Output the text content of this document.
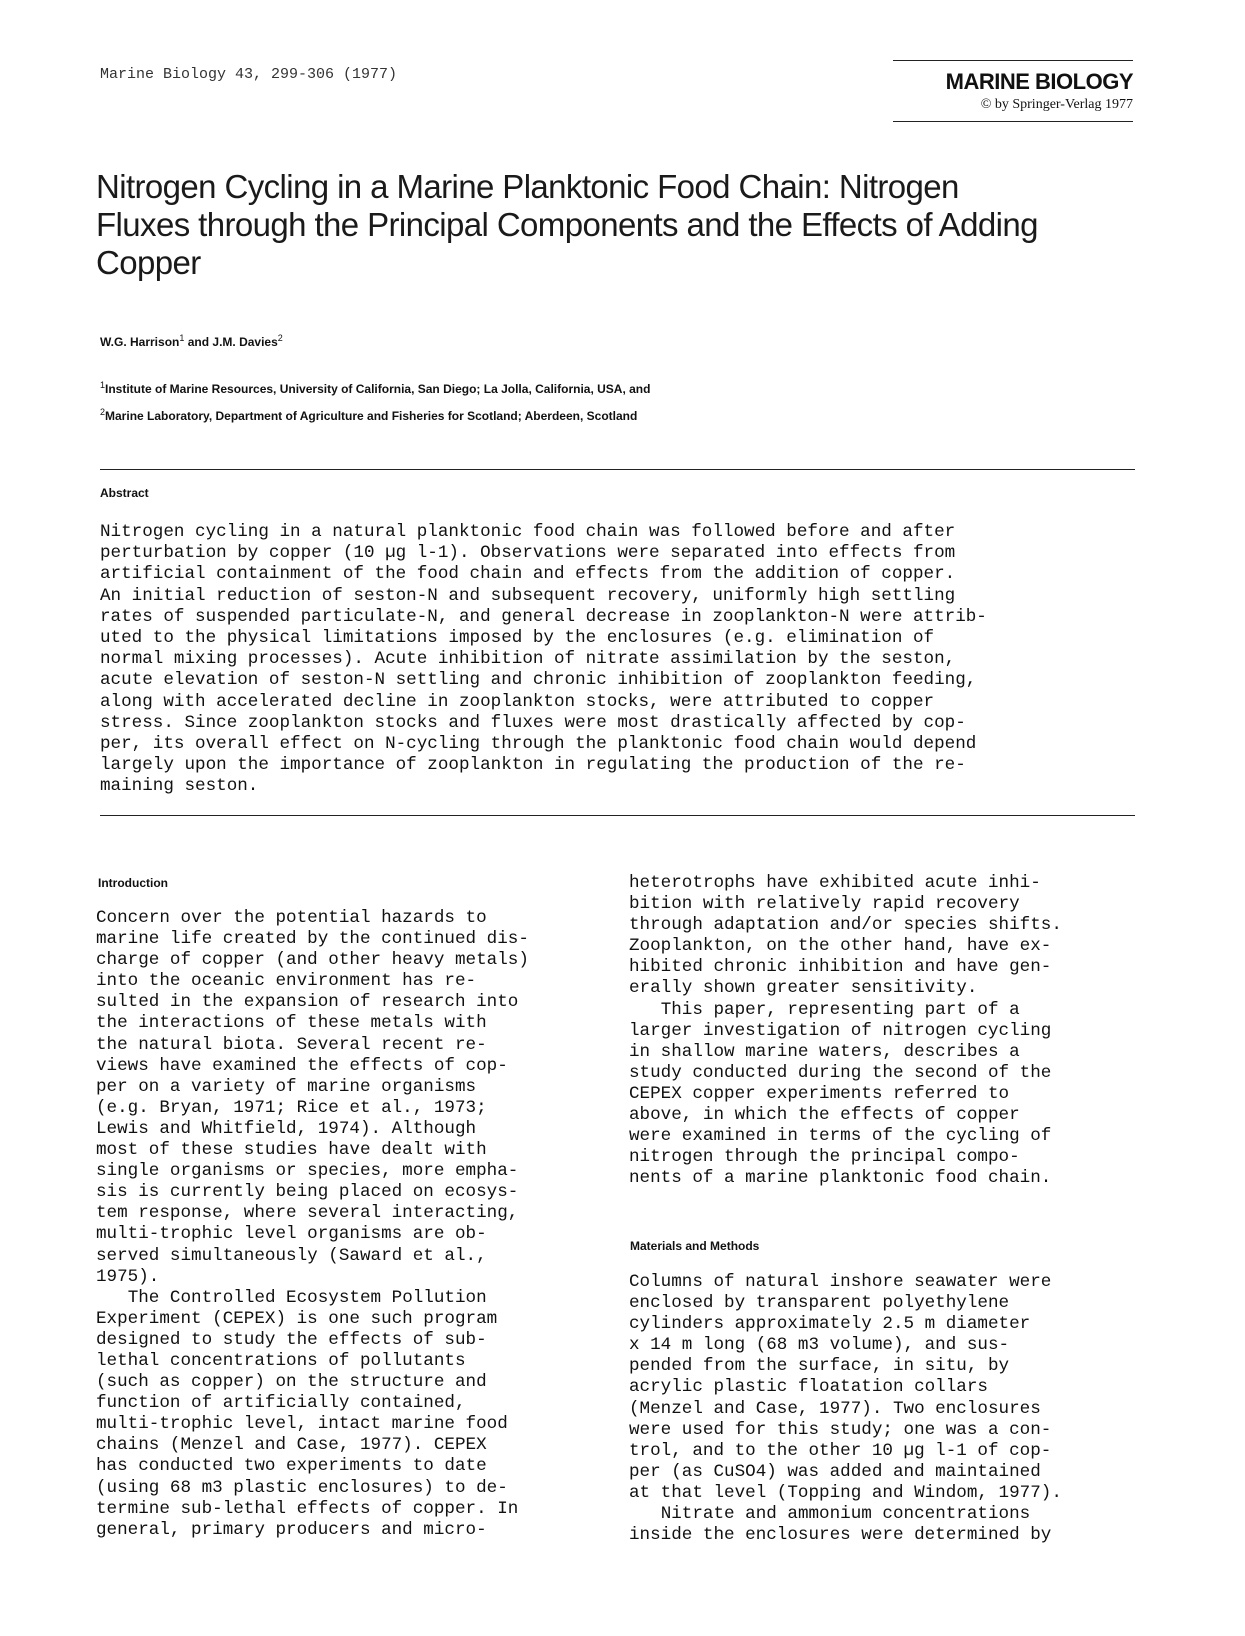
Marine Biology 43, 299-306 (1977)	MARINE BIOLOGY
© by Springer-Verlag 1977
Nitrogen Cycling in a Marine Planktonic Food Chain: Nitrogen Fluxes through the Principal Components and the Effects of Adding Copper
W.G. Harrison$^1$ and J.M. Davies$^2$
$^1$Institute of Marine Resources, University of California, San Diego; La Jolla, California, USA, and
$^2$Marine Laboratory, Department of Agriculture and Fisheries for Scotland; Aberdeen, Scotland
Abstract
Nitrogen cycling in a natural planktonic food chain was followed before and after
perturbation by copper (10 µg l-1). Observations were separated into effects from
artificial containment of the food chain and effects from the addition of copper.
An initial reduction of seston-N and subsequent recovery, uniformly high settling
rates of suspended particulate-N, and general decrease in zooplankton-N were attrib-
uted to the physical limitations imposed by the enclosures (e.g. elimination of
normal mixing processes). Acute inhibition of nitrate assimilation by the seston,
acute elevation of seston-N settling and chronic inhibition of zooplankton feeding,
along with accelerated decline in zooplankton stocks, were attributed to copper
stress. Since zooplankton stocks and fluxes were most drastically affected by cop-
per, its overall effect on N-cycling through the planktonic food chain would depend
largely upon the importance of zooplankton in regulating the production of the re-
maining seston.
Introduction
Concern over the potential hazards to
marine life created by the continued dis-
charge of copper (and other heavy metals)
into the oceanic environment has re-
sulted in the expansion of research into
the interactions of these metals with
the natural biota. Several recent re-
views have examined the effects of cop-
per on a variety of marine organisms
(e.g. Bryan, 1971; Rice et al., 1973;
Lewis and Whitfield, 1974). Although
most of these studies have dealt with
single organisms or species, more empha-
sis is currently being placed on ecosys-
tem response, where several interacting,
multi-trophic level organisms are ob-
served simultaneously (Saward et al.,
1975).
The Controlled Ecosystem Pollution
Experiment (CEPEX) is one such program
designed to study the effects of sub-
lethal concentrations of pollutants
(such as copper) on the structure and
function of artificially contained,
multi-trophic level, intact marine food
chains (Menzel and Case, 1977). CEPEX
has conducted two experiments to date
(using 68 m3 plastic enclosures) to de-
termine sub-lethal effects of copper. In
general, primary producers and micro-
heterotrophs have exhibited acute inhi-
bition with relatively rapid recovery
through adaptation and/or species shifts.
Zooplankton, on the other hand, have ex-
hibited chronic inhibition and have gen-
erally shown greater sensitivity.
This paper, representing part of a
larger investigation of nitrogen cycling
in shallow marine waters, describes a
study conducted during the second of the
CEPEX copper experiments referred to
above, in which the effects of copper
were examined in terms of the cycling of
nitrogen through the principal compo-
nents of a marine planktonic food chain.
Materials and Methods
Columns of natural inshore seawater were
enclosed by transparent polyethylene
cylinders approximately 2.5 m diameter
x 14 m long (68 m3 volume), and sus-
pended from the surface, in situ, by
acrylic plastic floatation collars
(Menzel and Case, 1977). Two enclosures
were used for this study; one was a con-
trol, and to the other 10 µg l-1 of cop-
per (as CuSO4) was added and maintained
at that level (Topping and Windom, 1977).
Nitrate and ammonium concentrations
inside the enclosures were determined by
